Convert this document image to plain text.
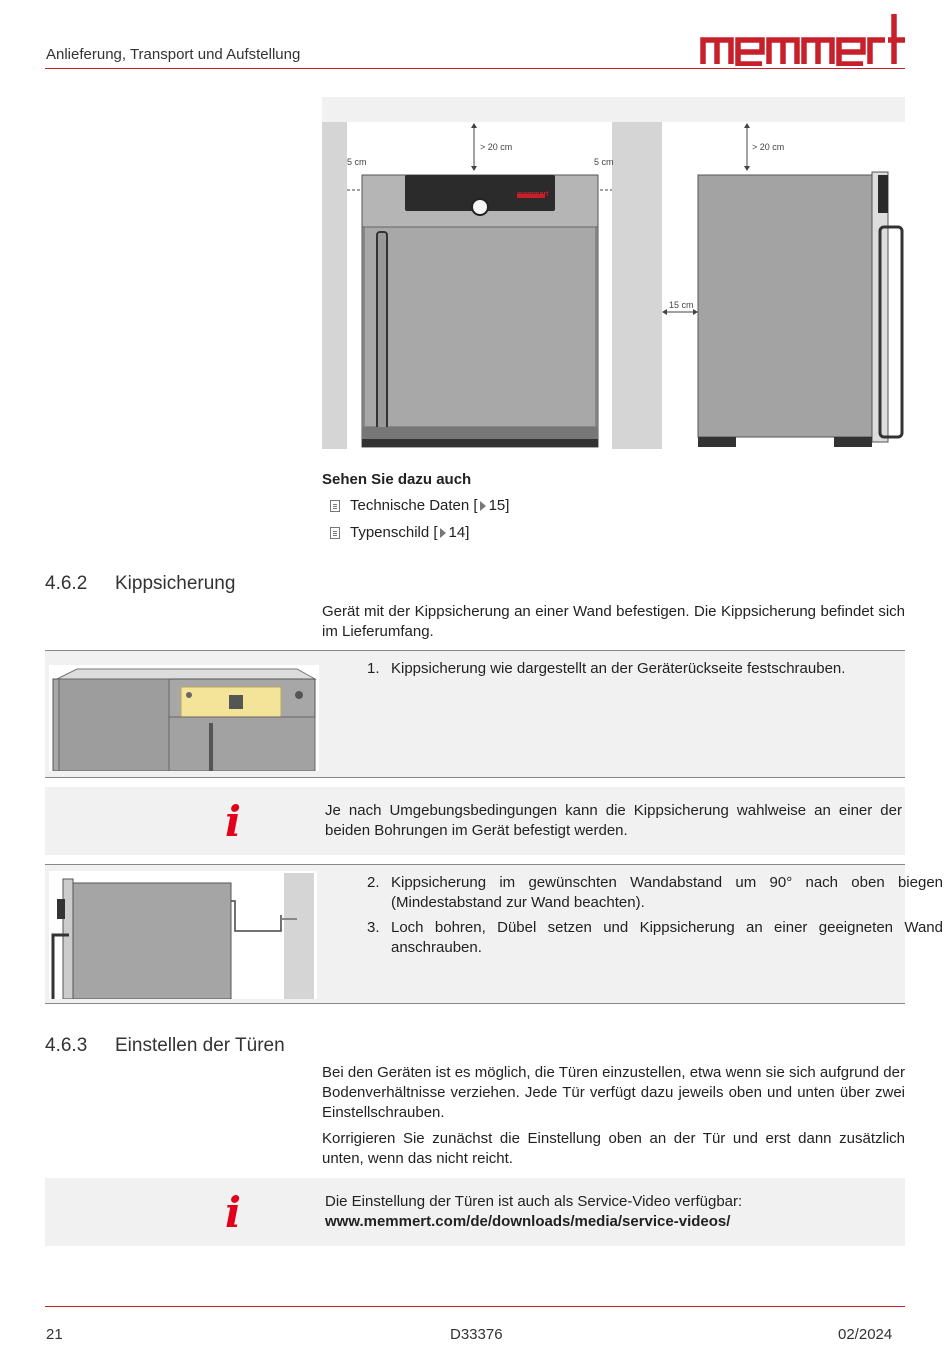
Anlieferung, Transport und Aufstellung
5 cm	5 cm
> 20 cm	> 20 cm
15 cm
memmert
Sehen Sie dazu auch
Technische Daten [ 15]
Typenschild [ 14]
4.6.2 Kippsicherung
Gerät mit der Kippsicherung an einer Wand befestigen. Die Kippsicherung befindet sich im Lieferumfang.
1. Kippsicherung wie dargestellt an der Geräterückseite festschrauben.
i	Je nach Umgebungsbedingungen kann die Kippsicherung wahlweise an einer der beiden Bohrungen im Gerät befestigt werden.
2. Kippsicherung im gewünschten Wandabstand um 90° nach oben biegen (Mindestabstand zur Wand beachten).
3. Loch bohren, Dübel setzen und Kippsicherung an einer geeigneten Wand anschrauben.
4.6.3 Einstellen der Türen
Bei den Geräten ist es möglich, die Türen einzustellen, etwa wenn sie sich aufgrund der Bodenverhältnisse verziehen. Jede Tür verfügt dazu jeweils oben und unten über zwei Einstellschrauben.
Korrigieren Sie zunächst die Einstellung oben an der Tür und erst dann zusätzlich unten, wenn das nicht reicht.
i	Die Einstellung der Türen ist auch als Service-Video verfügbar:
www.memmert.com/de/downloads/media/service-videos/
21	D33376	02/2024
